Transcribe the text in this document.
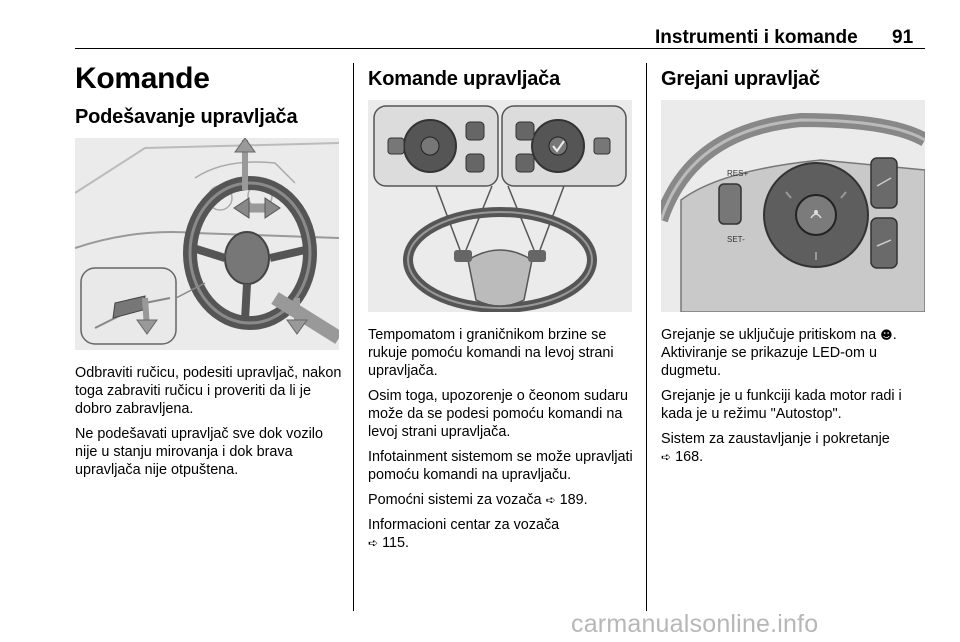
Instrumenti i komande 91
Komande
Podešavanje upravljača

Odbraviti ručicu, podesiti upravljač, nakon toga zabraviti ručicu i proveriti da li je dobro zabravljena.

Ne podešavati upravljač sve dok vozilo nije u stanju mirovanja i dok brava upravljača nije otpuštena.

Komande upravljača

Tempomatom i graničnikom brzine se rukuje pomoću komandi na levoj strani upravljača.

Osim toga, upozorenje o čeonom sudaru može da se podesi pomoću komandi na levoj strani upravljača.

Infotainment sistemom se može upravljati pomoću komandi na upravljaču.

Pomoćni sistemi za vozača ➪ 189.

Informacioni centar za vozača
➪ 115.

Grejani upravljač
RES+
SET-

Grejanje se uključuje pritiskom na ☻. Aktiviranje se prikazuje LED-om u dugmetu.

Grejanje je u funkciji kada motor radi i kada je u režimu "Autostop".

Sistem za zaustavljanje i pokretanje
➪ 168.

carmanualsonline.info
